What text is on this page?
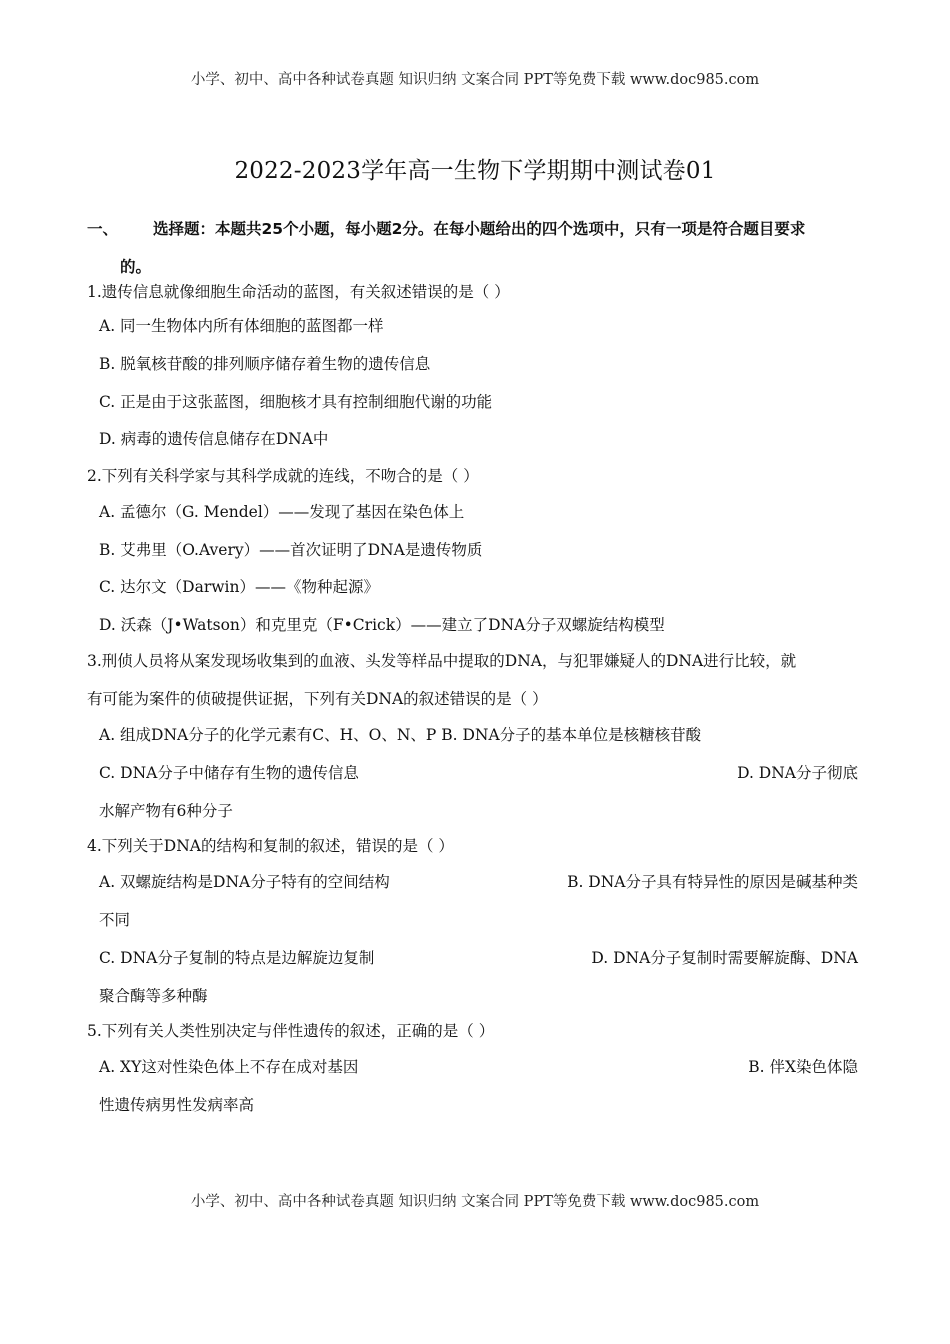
小学、初中、高中各种试卷真题 知识归纳 文案合同 PPT等免费下载 www.doc985.com
2022-2023学年高一生物下学期期中测试卷01
一、 选择题：本题共25个小题，每小题2分。在每小题给出的四个选项中，只有一项是符合题目要求
的。
1.遗传信息就像细胞生命活动的蓝图，有关叙述错误的是（ ）
A. 同一生物体内所有体细胞的蓝图都一样
B. 脱氧核苷酸的排列顺序储存着生物的遗传信息
C. 正是由于这张蓝图，细胞核才具有控制细胞代谢的功能
D. 病毒的遗传信息储存在DNA中
2.下列有关科学家与其科学成就的连线，不吻合的是（ ）
A. 孟德尔（G. Mendel）——发现了基因在染色体上
B. 艾弗里（O.Avery）——首次证明了DNA是遗传物质
C. 达尔文（Darwin）——《物种起源》
D. 沃森（J•Watson）和克里克（F•Crick）——建立了DNA分子双螺旋结构模型
3.刑侦人员将从案发现场收集到的血液、头发等样品中提取的DNA，与犯罪嫌疑人的DNA进行比较，就
有可能为案件的侦破提供证据，下列有关DNA的叙述错误的是（ ）
A. 组成DNA分子的化学元素有C、H、O、N、P B. DNA分子的基本单位是核糖核苷酸
C. DNA分子中储存有生物的遗传信息	D. DNA分子彻底
水解产物有6种分子
4.下列关于DNA的结构和复制的叙述，错误的是（ ）
A. 双螺旋结构是DNA分子特有的空间结构	B. DNA分子具有特异性的原因是碱基种类
不同
C. DNA分子复制的特点是边解旋边复制	D. DNA分子复制时需要解旋酶、DNA
聚合酶等多种酶
5.下列有关人类性别决定与伴性遗传的叙述，正确的是（ ）
A. XY这对性染色体上不存在成对基因	B. 伴X染色体隐
性遗传病男性发病率高
小学、初中、高中各种试卷真题 知识归纳 文案合同 PPT等免费下载 www.doc985.com
